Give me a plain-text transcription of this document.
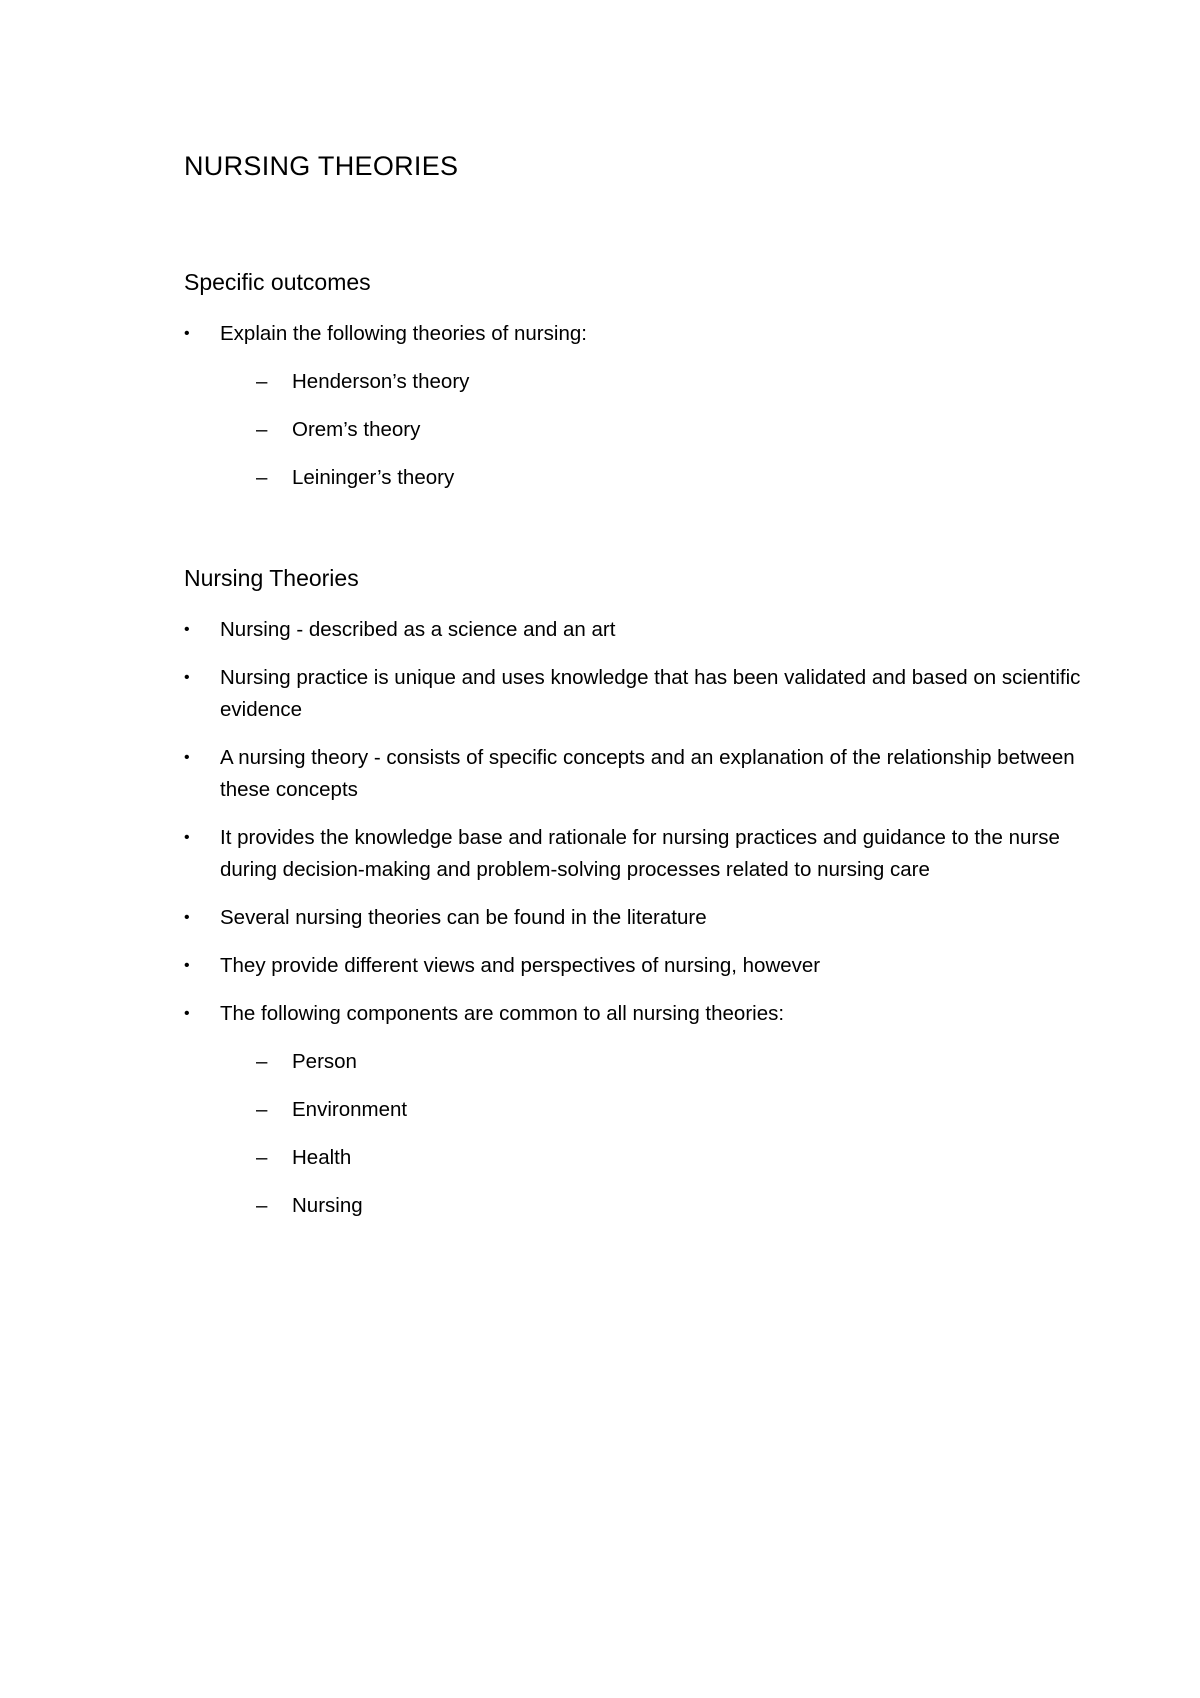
NURSING THEORIES
Specific outcomes
•	Explain the following theories of nursing:
– Henderson’s theory
– Orem’s theory
– Leininger’s theory
Nursing Theories
•	Nursing - described as a science and an art
•	Nursing practice is unique and uses knowledge that has been validated and based on scientific evidence
•	A nursing theory - consists of specific concepts and an explanation of the relationship between these concepts
•	It provides the knowledge base and rationale for nursing practices and guidance to the nurse during decision-making and problem-solving processes related to nursing care
•	Several nursing theories can be found in the literature
•	They provide different views and perspectives of nursing, however
•	The following components are common to all nursing theories:
– Person
– Environment
– Health
– Nursing
